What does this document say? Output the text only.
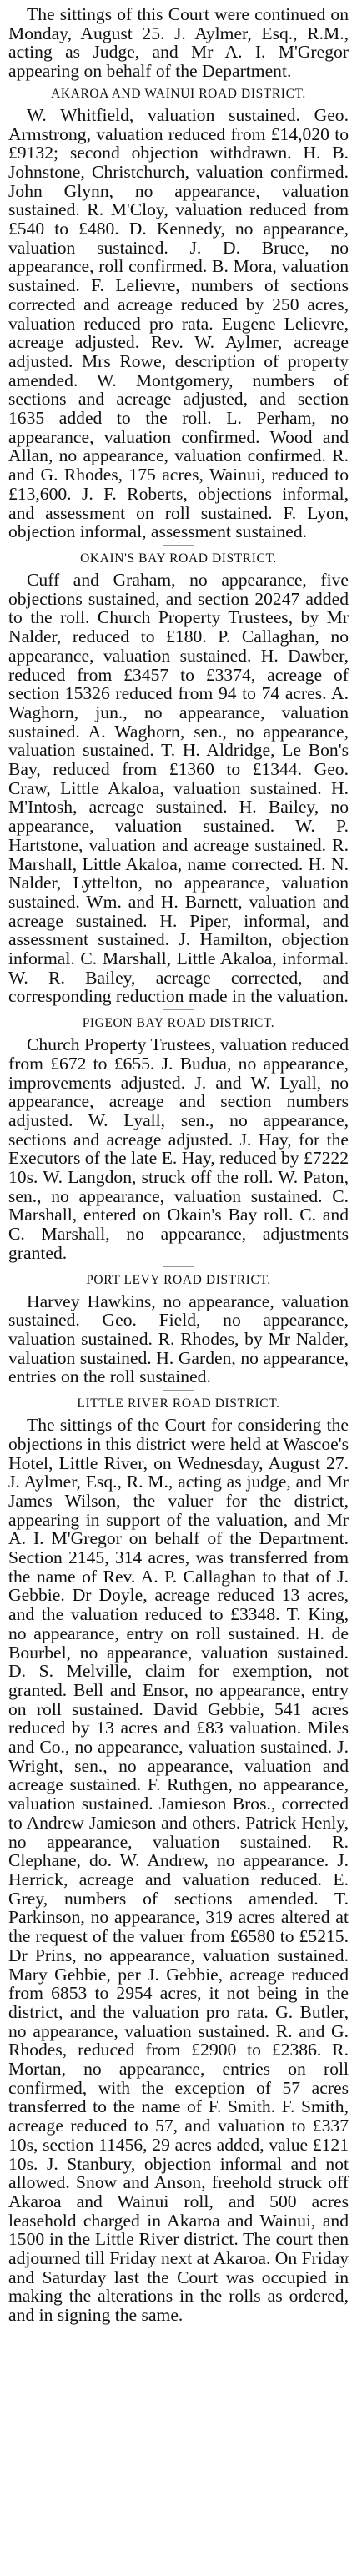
The sittings of this Court were continued on Monday, August 25. J. Aylmer, Esq., R.M., acting as Judge, and Mr A. I. M'Gregor appearing on behalf of the Department.

AKAROA AND WAINUI ROAD DISTRICT.

W. Whitfield, valuation sustained. Geo. Armstrong, valuation reduced from £14,020 to £9132; second objection withdrawn. H. B. Johnstone, Christchurch, valuation confirmed. John Glynn, no appearance, valuation sustained. R. M'Cloy, valuation reduced from £540 to £480. D. Kennedy, no appearance, valuation sustained. J. D. Bruce, no appearance, roll confirmed. B. Mora, valuation sustained. F. Lelievre, numbers of sections corrected and acreage reduced by 250 acres, valuation reduced pro rata. Eugene Lelievre, acreage adjusted. Rev. W. Aylmer, acreage adjusted. Mrs Rowe, description of property amended. W. Montgomery, numbers of sections and acreage adjusted, and section 1635 added to the roll. L. Perham, no appearance, valuation confirmed. Wood and Allan, no appearance, valuation confirmed. R. and G. Rhodes, 175 acres, Wainui, reduced to £13,600. J. F. Roberts, objections informal, and assessment on roll sustained. F. Lyon, objection informal, assessment sustained.

OKAIN'S BAY ROAD DISTRICT.

Cuff and Graham, no appearance, five objections sustained, and section 20247 added to the roll. Church Property Trustees, by Mr Nalder, reduced to £180. P. Callaghan, no appearance, valuation sustained. H. Dawber, reduced from £3457 to £3374, acreage of section 15326 reduced from 94 to 74 acres. A. Waghorn, jun., no appearance, valuation sustained. A. Waghorn, sen., no appearance, valuation sustained. T. H. Aldridge, Le Bon's Bay, reduced from £1360 to £1344. Geo. Craw, Little Akaloa, valuation sustained. H. M'Intosh, acreage sustained. H. Bailey, no appearance, valuation sustained. W. P. Hartstone, valuation and acreage sustained. R. Marshall, Little Akaloa, name corrected. H. N. Nalder, Lyttelton, no appearance, valuation sustained. Wm. and H. Barnett, valuation and acreage sustained. H. Piper, informal, and assessment sustained. J. Hamilton, objection informal. C. Marshall, Little Akaloa, informal. W. R. Bailey, acreage corrected, and corresponding reduction made in the valuation.

PIGEON BAY ROAD DISTRICT.

Church Property Trustees, valuation reduced from £672 to £655. J. Budua, no appearance, improvements adjusted. J. and W. Lyall, no appearance, acreage and section numbers adjusted. W. Lyall, sen., no appearance, sections and acreage adjusted. J. Hay, for the Executors of the late E. Hay, reduced by £7222 10s. W. Langdon, struck off the roll. W. Paton, sen., no appearance, valuation sustained. C. Marshall, entered on Okain's Bay roll. C. and C. Marshall, no appearance, adjustments granted.

PORT LEVY ROAD DISTRICT.

Harvey Hawkins, no appearance, valuation sustained. Geo. Field, no appearance, valuation sustained. R. Rhodes, by Mr Nalder, valuation sustained. H. Garden, no appearance, entries on the roll sustained.

LITTLE RIVER ROAD DISTRICT.

The sittings of the Court for considering the objections in this district were held at Wascoe's Hotel, Little River, on Wednesday, August 27. J. Aylmer, Esq., R. M., acting as judge, and Mr James Wilson, the valuer for the district, appearing in support of the valuation, and Mr A. I. M'Gregor on behalf of the Department. Section 2145, 314 acres, was transferred from the name of Rev. A. P. Callaghan to that of J. Gebbie. Dr Doyle, acreage reduced 13 acres, and the valuation reduced to £3348. T. King, no appearance, entry on roll sustained. H. de Bourbel, no appearance, valuation sustained. D. S. Melville, claim for exemption, not granted. Bell and Ensor, no appearance, entry on roll sustained. David Gebbie, 541 acres reduced by 13 acres and £83 valuation. Miles and Co., no appearance, valuation sustained. J. Wright, sen., no appearance, valuation and acreage sustained. F. Ruthgen, no appearance, valuation sustained. Jamieson Bros., corrected to Andrew Jamieson and others. Patrick Henly, no appearance, valuation sustained. R. Clephane, do. W. Andrew, no appearance. J. Herrick, acreage and valuation reduced. E. Grey, numbers of sections amended. T. Parkinson, no appearance, 319 acres altered at the request of the valuer from £6580 to £5215. Dr Prins, no appearance, valuation sustained. Mary Gebbie, per J. Gebbie, acreage reduced from 6853 to 2954 acres, it not being in the district, and the valuation pro rata. G. Butler, no appearance, valuation sustained. R. and G. Rhodes, reduced from £2900 to £2386. R. Mortan, no appearance, entries on roll confirmed, with the exception of 57 acres transferred to the name of F. Smith. F. Smith, acreage reduced to 57, and valuation to £337 10s, section 11456, 29 acres added, value £121 10s. J. Stanbury, objection informal and not allowed. Snow and Anson, freehold struck off Akaroa and Wainui roll, and 500 acres leasehold charged in Akaroa and Wainui, and 1500 in the Little River district. The court then adjourned till Friday next at Akaroa. On Friday and Saturday last the Court was occupied in making the alterations in the rolls as ordered, and in signing the same.
